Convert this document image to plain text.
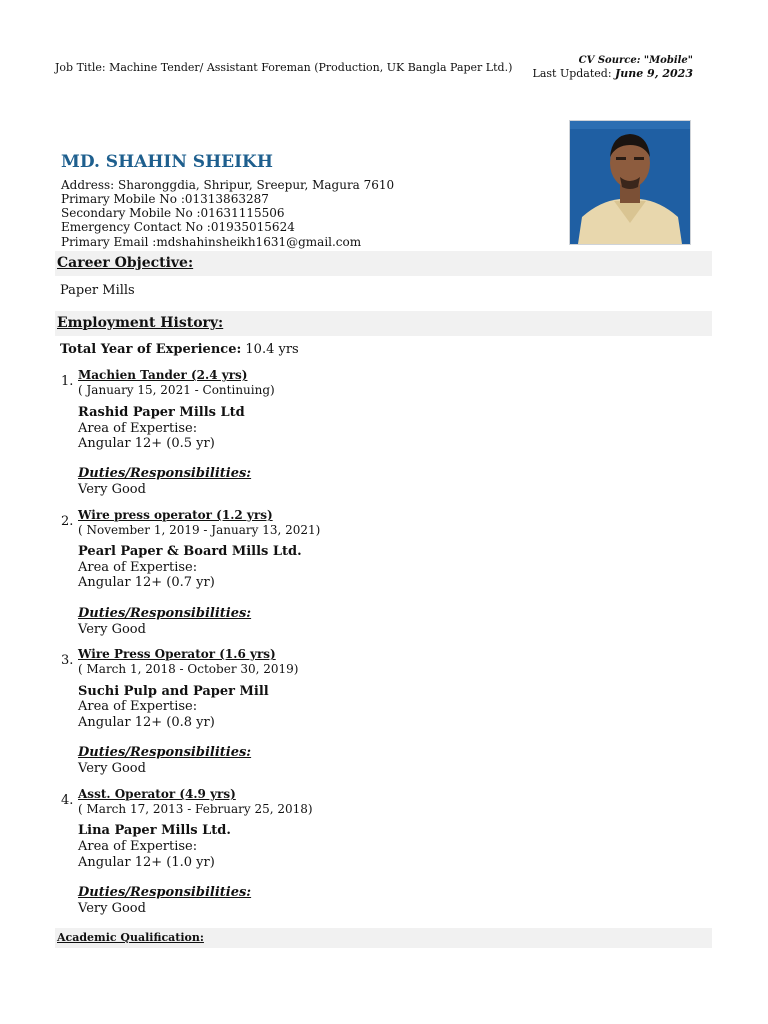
Job Title: Machine Tender/ Assistant Foreman (Production, UK Bangla Paper Ltd.)
CV Source: "Mobile"
Last Updated: June 9, 2023
MD. SHAHIN SHEIKH
Address: Sharonggdia, Shripur, Sreepur, Magura 7610
Primary Mobile No :01313863287
Secondary Mobile No :01631115506
Emergency Contact No :01935015624
Primary Email :mdshahinsheikh1631@gmail.com
Career Objective:
Paper Mills
Employment History:
Total Year of Experience: 10.4 yrs
1. Machien Tander (2.4 yrs)
( January 15, 2021 - Continuing)
Rashid Paper Mills Ltd
Area of Expertise:
Angular 12+ (0.5 yr)
Duties/Responsibilities:
Very Good
2. Wire press operator (1.2 yrs)
( November 1, 2019 - January 13, 2021)
Pearl Paper & Board Mills Ltd.
Area of Expertise:
Angular 12+ (0.7 yr)
Duties/Responsibilities:
Very Good
3. Wire Press Operator (1.6 yrs)
( March 1, 2018 - October 30, 2019)
Suchi Pulp and Paper Mill
Area of Expertise:
Angular 12+ (0.8 yr)
Duties/Responsibilities:
Very Good
4. Asst. Operator (4.9 yrs)
( March 17, 2013 - February 25, 2018)
Lina Paper Mills Ltd.
Area of Expertise:
Angular 12+ (1.0 yr)
Duties/Responsibilities:
Very Good
Academic Qualification:
